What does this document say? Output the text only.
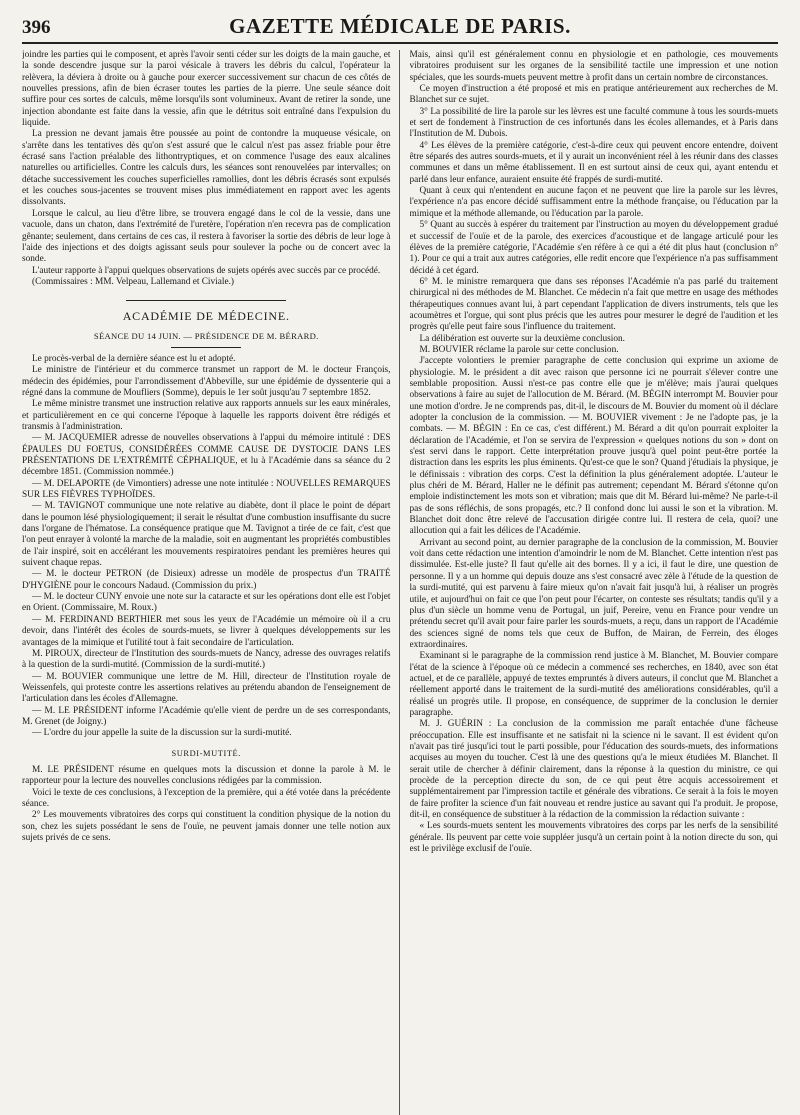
396	GAZETTE MÉDICALE DE PARIS.

joindre les parties qui le composent, et après l'avoir senti céder sur les doigts de la main gauche, et la sonde descendre jusque sur la paroi vésicale à travers les débris du calcul, l'opérateur la relèvera, la déviera à droite ou à gauche pour exercer successivement sur chacun de ces côtés de nouvelles pressions, afin de bien écraser toutes les parties de la pierre. Une seule séance doit suffire pour ces sortes de calculs, même lorsqu'ils sont volumineux. Avant de retirer la sonde, une injection abondante est faite dans la vessie, afin que le détritus soit entraîné dans l'expulsion du liquide.

La pression ne devant jamais être poussée au point de contondre la muqueuse vésicale, on s'arrête dans les tentatives dès qu'on s'est assuré que le calcul n'est pas assez friable pour être écrasé sans l'action préalable des lithontryptiques, et on commence l'usage des eaux alcalines naturelles ou artificielles. Contre les calculs durs, les séances sont renouvelées par intervalles; on détache successivement les couches superficielles ramollies, dont les débris écrasés sont expulsés et les couches sous-jacentes se trouvent mises plus immédiatement en rapport avec les agents dissolvants.

Lorsque le calcul, au lieu d'être libre, se trouvera engagé dans le col de la vessie, dans une vacuole, dans un chaton, dans l'extrémité de l'uretère, l'opération n'en recevra pas de complication gênante; seulement, dans certains de ces cas, il restera à favoriser la sortie des débris de leur loge à l'aide des injections et des doigts agissant seuls pour soulever la poche ou de concert avec la sonde.

L'auteur rapporte à l'appui quelques observations de sujets opérés avec succès par ce procédé.

(Commissaires : MM. Velpeau, Lallemand et Civiale.)

ACADÉMIE DE MÉDECINE.
SÉANCE DU 14 JUIN. — PRÉSIDENCE DE M. BÉRARD.

Le procès-verbal de la dernière séance est lu et adopté.

Le ministre de l'intérieur et du commerce transmet un rapport de M. le docteur François, médecin des épidémies, pour l'arrondissement d'Abbeville, sur une épidémie de dyssenterie qui a régné dans la commune de Moufliers (Somme), depuis le 1er soût jusqu'au 7 septembre 1852.

Le même ministre transmet une instruction relative aux rapports annuels sur les eaux minérales, et particulièrement en ce qui concerne l'époque à laquelle les rapports doivent être rédigés et transmis à l'administration.

— M. JACQUEMIER adresse de nouvelles observations à l'appui du mémoire intitulé : DES ÉPAULES DU FOETUS, CONSIDÉRÉES COMME CAUSE DE DYSTOCIE DANS LES PRÉSENTATIONS DE L'EXTRÉMITÉ CÉPHALIQUE, et lu à l'Académie dans sa séance du 2 décembre 1851. (Commission nommée.)

— M. DELAPORTE (de Vimontiers) adresse une note intitulée : NOUVELLES REMARQUES SUR LES FIÈVRES TYPHOÏDES.

— M. TAVIGNOT communique une note relative au diabète, dont il place le point de départ dans le poumon lésé physiologiquement; il serait le résultat d'une combustion insuffisante du sucre dans l'organe de l'hématose. La conséquence pratique que M. Tavignot a tirée de ce fait, c'est que l'on peut enrayer à volonté la marche de la maladie, soit en augmentant les propriétés combustibles de l'air inspiré, soit en accélérant les mouvements respiratoires pendant les premières heures qui suivent chaque repas.

— M. le docteur PETRON (de Disieux) adresse un modèle de prospectus d'un TRAITÉ D'HYGIÈNE pour le concours Nadaud. (Commission du prix.)

— M. le docteur CUNY envoie une note sur la cataracte et sur les opérations dont elle est l'objet en Orient. (Commissaire, M. Roux.)

— M. FERDINAND BERTHIER met sous les yeux de l'Académie un mémoire où il a cru devoir, dans l'intérêt des écoles de sourds-muets, se livrer à quelques développements sur les avantages de la mimique et l'utilité tout à fait secondaire de l'articulation.

M. PIROUX, directeur de l'Institution des sourds-muets de Nancy, adresse des ouvrages relatifs à la question de la surdi-mutité. (Commission de la surdi-mutité.)

— M. BOUVIER communique une lettre de M. Hill, directeur de l'Institution royale de Weissenfels, qui proteste contre les assertions relatives au prétendu abandon de l'enseignement de l'articulation dans les écoles d'Allemagne.

— M. LE PRÉSIDENT informe l'Académie qu'elle vient de perdre un de ses correspondants, M. Grenet (de Joigny.)

— L'ordre du jour appelle la suite de la discussion sur la surdi-mutité.

SURDI-MUTITÉ.

M. LE PRÉSIDENT résume en quelques mots la discussion et donne la parole à M. le rapporteur pour la lecture des nouvelles conclusions rédigées par la commission.

Voici le texte de ces conclusions, à l'exception de la première, qui a été votée dans la précédente séance.

2° Les mouvements vibratoires des corps qui constituent la condition physique de la notion du son, chez les sujets possédant le sens de l'ouïe, ne peuvent jamais donner une telle notion aux sujets privés de ce sens.

Mais, ainsi qu'il est généralement connu en physiologie et en pathologie, ces mouvements vibratoires produisent sur les organes de la sensibilité tactile une impression et une notion spéciales, que les sourds-muets peuvent mettre à profit dans un certain nombre de circonstances.

Ce moyen d'instruction a été proposé et mis en pratique antérieurement aux recherches de M. Blanchet sur ce sujet.

3° La possibilité de lire la parole sur les lèvres est une faculté commune à tous les sourds-muets et sert de fondement à l'instruction de ces infortunés dans les écoles allemandes, et à Paris dans l'Institution de M. Dubois.

4° Les élèves de la première catégorie, c'est-à-dire ceux qui peuvent encore entendre, doivent être séparés des autres sourds-muets, et il y aurait un inconvénient réel à les réunir dans des classes communes et dans un même établissement. Il en est surtout ainsi de ceux qui, ayant entendu et parlé dans leur enfance, auraient ensuite été frappés de surdi-mutité.

Quant à ceux qui n'entendent en aucune façon et ne peuvent que lire la parole sur les lèvres, l'expérience n'a pas encore décidé suffisamment entre la méthode française, ou l'éducation par la mimique et la méthode allemande, ou l'éducation par la parole.

5° Quant au succès à espérer du traitement par l'instruction au moyen du développement gradué et successif de l'ouïe et de la parole, des exercices d'acoustique et de langage articulé pour les élèves de la première catégorie, l'Académie s'en réfère à ce qui a été dit plus haut (conclusion n° 1). Pour ce qui a trait aux autres catégories, elle redit encore que l'expérience n'a pas suffisamment décidé à cet égard.

6° M. le ministre remarquera que dans ses réponses l'Académie n'a pas parlé du traitement chirurgical ni des méthodes de M. Blanchet. Ce médecin n'a fait que mettre en usage des méthodes thérapeutiques connues avant lui, à part cependant l'application de divers instruments, tels que les acoumètres et l'orgue, qui sont plus précis que les autres pour mesurer le degré de l'audition et les progrès qu'elle peut faire sous l'influence du traitement.

La délibération est ouverte sur la deuxième conclusion.

M. BOUVIER réclame la parole sur cette conclusion.

J'accepte volontiers le premier paragraphe de cette conclusion qui exprime un axiome de physiologie. M. le président a dit avec raison que personne ici ne pourrait s'élever contre une semblable proposition. Aussi n'est-ce pas contre elle que je m'élève; mais j'aurai quelques observations à faire au sujet de l'allocution de M. Bérard. (M. BÉGIN interrompt M. Bouvier pour une motion d'ordre. Je ne comprends pas, dit-il, le discours de M. Bouvier du moment où il déclare adopter la conclusion de la commission. — M. BOUVIER vivement : Je ne l'adopte pas, je la combats. — M. BÉGIN : En ce cas, c'est différent.) M. Bérard a dit qu'on pourrait exploiter la déclaration de l'Académie, et l'on se servira de l'expression « quelques notions du son » dont on s'est servi dans le rapport. Cette interprétation prouve jusqu'à quel point peut-être portée la distraction dans les esprits les plus éminents. Qu'est-ce que le son? Quand j'étudiais la physique, je le définissais : vibration des corps. C'est la définition la plus généralement adoptée. L'auteur le plus chéri de M. Bérard, Haller ne le définit pas autrement; cependant M. Bérard s'étonne qu'on emploie indistinctement les mots son et vibration; mais que dit M. Bérard lui-même? Ne parle-t-il pas de sons réfléchis, de sons propagés, etc.? Il confond donc lui aussi le son et la vibration. M. Blanchet doit donc être relevé de l'accusation dirigée contre lui. Il restera de cela, quoi? une allocution qui a fait les délices de l'Académie.

Arrivant au second point, au dernier paragraphe de la conclusion de la commission, M. Bouvier voit dans cette rédaction une intention d'amoindrir le nom de M. Blanchet. Cette intention n'est pas dissimulée. Est-elle juste? Il faut qu'elle ait des bornes. Il y a ici, il faut le dire, une question de personne. Il y a un homme qui depuis douze ans s'est consacré avec zèle à l'étude de la question de la surdi-mutité, qui est parvenu à faire mieux qu'on n'avait fait jusqu'à lui, à réaliser un progrès utile, et aujourd'hui on fait ce que l'on peut pour l'écarter, on conteste ses résultats; tandis qu'il y a plus d'un siècle un homme venu de Portugal, un juif, Pereire, venu en France pour vendre un prétendu secret qu'il avait pour faire parler les sourds-muets, a reçu, dans un rapport de l'Académie des sciences signé de noms tels que ceux de Buffon, de Mairan, de Ferrein, des éloges extraordinaires.

Examinant si le paragraphe de la commission rend justice à M. Blanchet, M. Bouvier compare l'état de la science à l'époque où ce médecin a commencé ses recherches, en 1840, avec son état actuel, et de ce parallèle, appuyé de textes empruntés à divers auteurs, il conclut que M. Blanchet a réellement apporté dans le traitement de la surdi-mutité des améliorations considérables, qu'il a réalisé un progrès utile. Il propose, en conséquence, de supprimer de la conclusion le dernier paragraphe.

M. J. GUÉRIN : La conclusion de la commission me paraît entachée d'une fâcheuse préoccupation. Elle est insuffisante et ne satisfait ni la science ni le savant. Il est évident qu'on n'avait pas tiré jusqu'ici tout le parti possible, pour l'éducation des sourds-muets, des informations acquises au moyen du toucher. C'est là une des questions qu'a le mieux étudiées M. Blanchet. Il serait utile de chercher à définir clairement, dans la réponse à la question du ministre, ce qui procède de la perception directe du son, de ce qui peut être acquis accessoirement et supplémentairement par l'impression tactile et générale des vibrations. Ce serait à la fois le moyen de faire profiter la science d'un fait nouveau et rendre justice au savant qui l'a produit. Je propose, dit-il, en conséquence de substituer à la rédaction de la commission la rédaction suivante :

« Les sourds-muets sentent les mouvements vibratoires des corps par les nerfs de la sensibilité générale. Ils peuvent par cette voie suppléer jusqu'à un certain point à la notion directe du son, qui est le privilège exclusif de l'ouïe.
